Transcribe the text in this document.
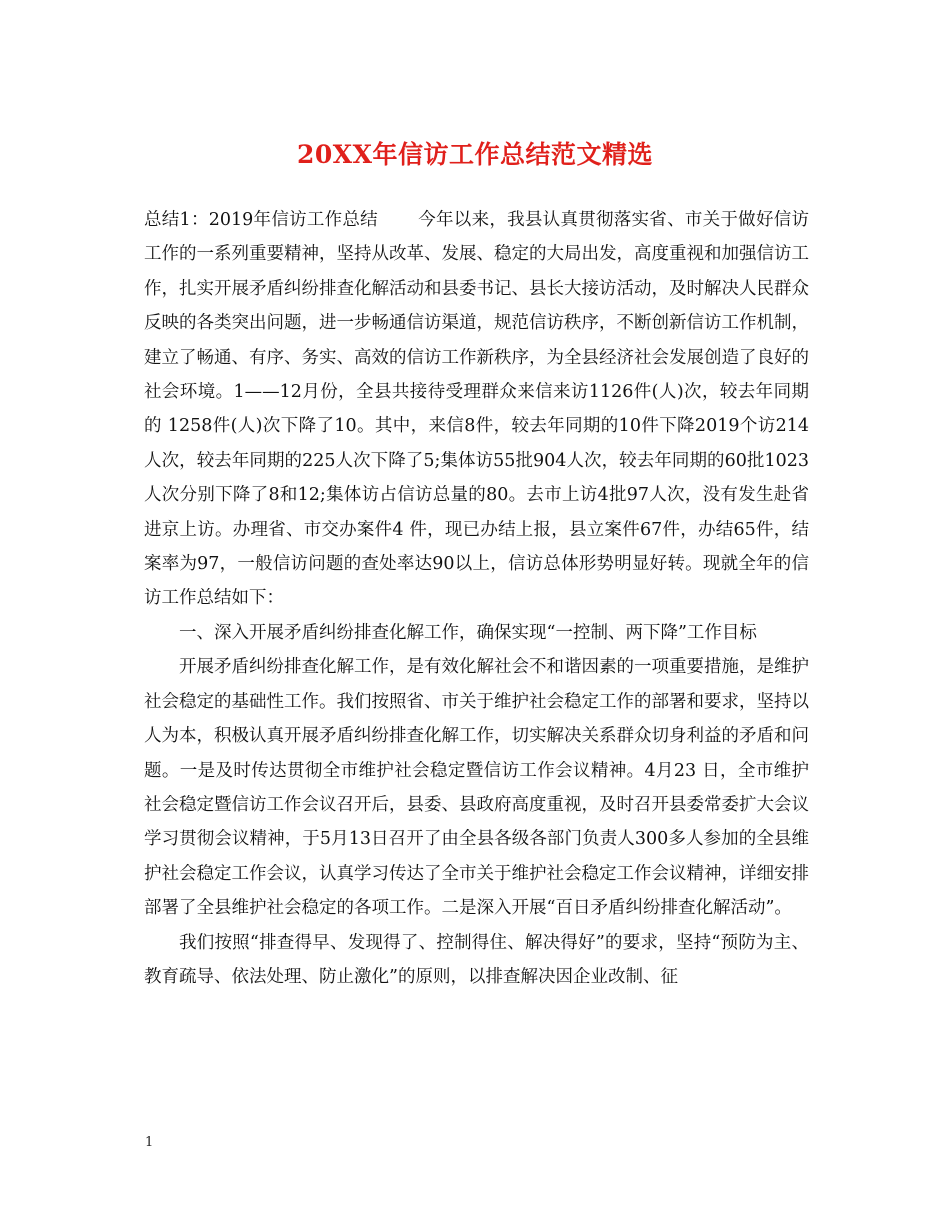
20XX年信访工作总结范文精选

总结1：2019年信访工作总结 今年以来，我县认真贯彻落实省、市关于做好信访工作的一系列重要精神，坚持从改革、发展、稳定的大局出发，高度重视和加强信访工作，扎实开展矛盾纠纷排查化解活动和县委书记、县长大接访活动，及时解决人民群众反映的各类突出问题，进一步畅通信访渠道，规范信访秩序，不断创新信访工作机制，建立了畅通、有序、务实、高效的信访工作新秩序，为全县经济社会发展创造了良好的社会环境。1——12月份，全县共接待受理群众来信来访1126件(人)次，较去年同期的 1258件(人)次下降了10。其中，来信8件，较去年同期的10件下降2019个访214人次，较去年同期的225人次下降了5;集体访55批904人次，较去年同期的60批1023人次分别下降了8和12;集体访占信访总量的80。去市上访4批97人次，没有发生赴省进京上访。办理省、市交办案件4 件，现已办结上报，县立案件67件，办结65件，结案率为97，一般信访问题的查处率达90以上，信访总体形势明显好转。现就全年的信访工作总结如下：

一、深入开展矛盾纠纷排查化解工作，确保实现“一控制、两下降”工作目标

开展矛盾纠纷排查化解工作，是有效化解社会不和谐因素的一项重要措施，是维护社会稳定的基础性工作。我们按照省、市关于维护社会稳定工作的部署和要求，坚持以人为本，积极认真开展矛盾纠纷排查化解工作，切实解决关系群众切身利益的矛盾和问题。一是及时传达贯彻全市维护社会稳定暨信访工作会议精神。4月23 日，全市维护社会稳定暨信访工作会议召开后，县委、县政府高度重视，及时召开县委常委扩大会议学习贯彻会议精神，于5月13日召开了由全县各级各部门负责人300多人参加的全县维护社会稳定工作会议，认真学习传达了全市关于维护社会稳定工作会议精神，详细安排部署了全县维护社会稳定的各项工作。二是深入开展“百日矛盾纠纷排查化解活动”。

我们按照“排查得早、发现得了、控制得住、解决得好”的要求，坚持“预防为主、教育疏导、依法处理、防止激化”的原则，以排查解决因企业改制、征

1
